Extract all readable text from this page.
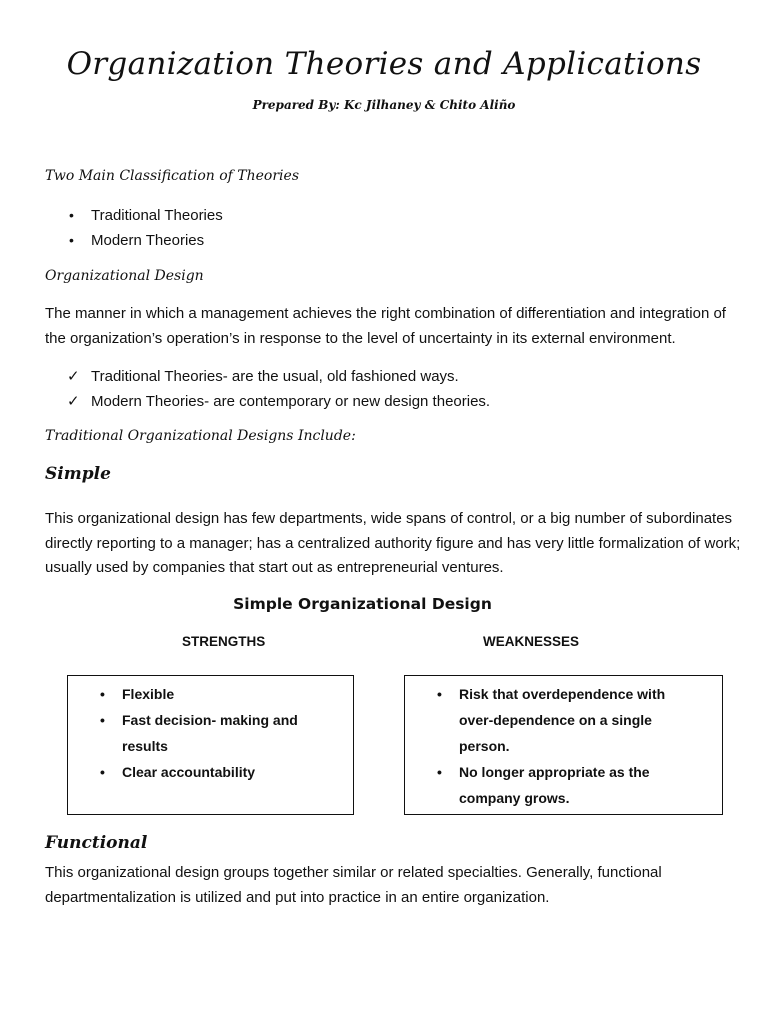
Organization Theories and Applications
Prepared By: Kc Jilhaney & Chito Aliño
Two Main Classification of Theories
• Traditional Theories
• Modern Theories
Organizational Design
The manner in which a management achieves the right combination of differentiation and integration of
the organization’s operation’s in response to the level of uncertainty in its external environment.
✓ Traditional Theories- are the usual, old fashioned ways.
✓ Modern Theories- are contemporary or new design theories.
Traditional Organizational Designs Include:
Simple
This organizational design has few departments, wide spans of control, or a big number of subordinates
directly reporting to a manager; has a centralized authority figure and has very little formalization of work;
usually used by companies that start out as entrepreneurial ventures.
Simple Organizational Design
STRENGTHS	WEAKNESSES
• Flexible
• Fast decision- making and
results
• Clear accountability
• Risk that overdependence with
over-dependence on a single
person.
• No longer appropriate as the
company grows.
Functional
This organizational design groups together similar or related specialties. Generally, functional
departmentalization is utilized and put into practice in an entire organization.
